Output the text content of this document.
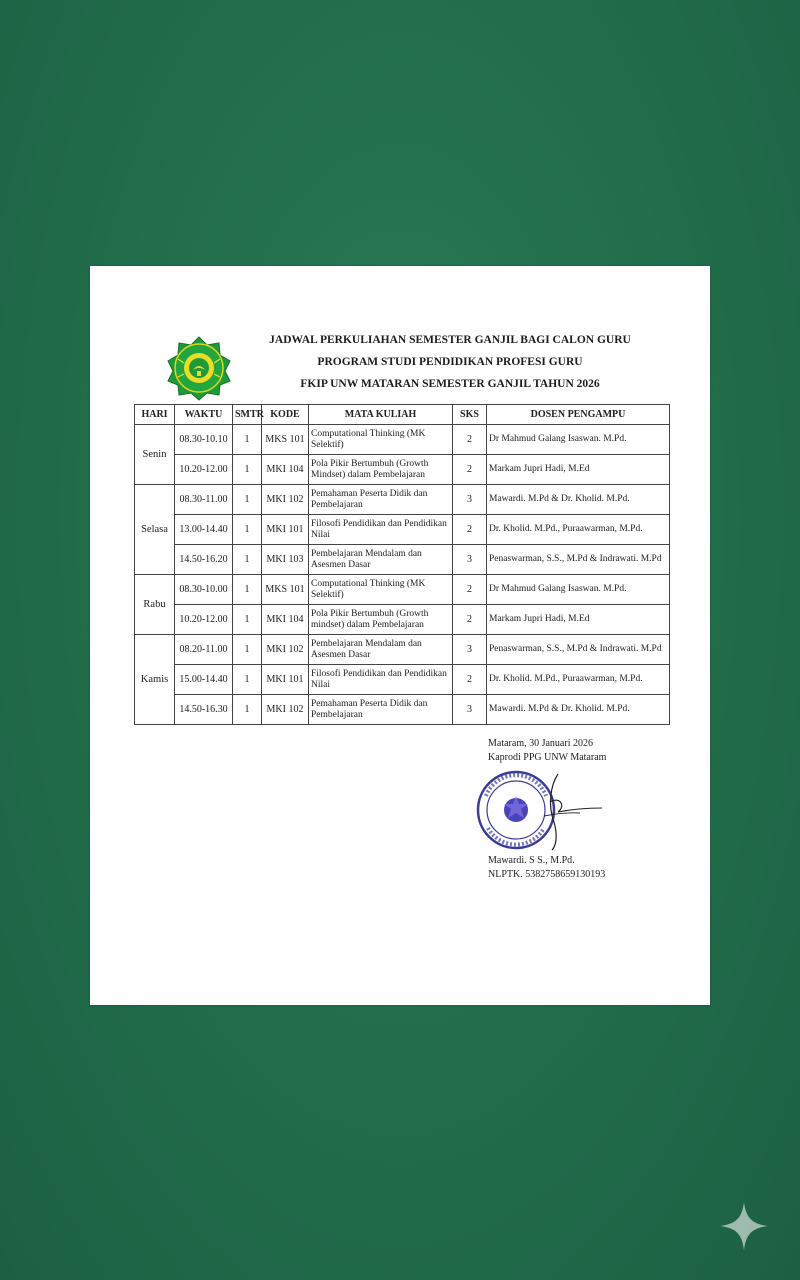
JADWAL PERKULIAHAN SEMESTER GANJIL BAGI CALON GURU
PROGRAM STUDI PENDIDIKAN PROFESI GURU
FKIP UNW MATARAN SEMESTER GANJIL TAHUN 2026
HARI	WAKTU	SMTR	KODE	MATA KULIAH	SKS	DOSEN PENGAMPU
Senin	08.30-10.10	1	MKS 101	Computational Thinking (MK Selektif)	2	Dr Mahmud Galang Isaswan. M.Pd.
	10.20-12.00	1	MKI 104	Pola Pikir Bertumbuh (Growth Mindset) dalam Pembelajaran	2	Markam Jupri Hadi, M.Ed
Selasa	08.30-11.00	1	MKI 102	Pemahaman Peserta Didik dan Pembelajaran	3	Mawardi. M.Pd & Dr. Kholid. M.Pd.
	13.00-14.40	1	MKI 101	Filosofi Pendidikan dan Pendidikan Nilai	2	Dr. Kholid. M.Pd., Puraawarman, M.Pd.
	14.50-16.20	1	MKI 103	Pembelajaran Mendalam dan Asesmen Dasar	3	Penaswarman, S.S., M.Pd & Indrawati. M.Pd
Rabu	08.30-10.00	1	MKS 101	Computational Thinking (MK Selektif)	2	Dr Mahmud Galang Isaswan. M.Pd.
	10.20-12.00	1	MKI 104	Pola Pikir Bertumbuh (Growth mindset) dalam Pembelajaran	2	Markam Jupri Hadi, M.Ed
Kamis	08.20-11.00	1	MKI 102	Pembelajaran Mendalam dan Asesmen Dasar	3	Penaswarman, S.S., M.Pd & Indrawati. M.Pd
	15.00-14.40	1	MKI 101	Filosofi Pendidikan dan Pendidikan Nilai	2	Dr. Kholid. M.Pd., Puraawarman, M.Pd.
	14.50-16.30	1	MKI 102	Pemahaman Peserta Didik dan Pembelajaran	3	Mawardi. M.Pd & Dr. Kholid. M.Pd.
Mataram, 30 Januari 2026
Kaprodi PPG UNW Mataram
Mawardi. S S., M.Pd.
NLPTK. 5382758659130193
